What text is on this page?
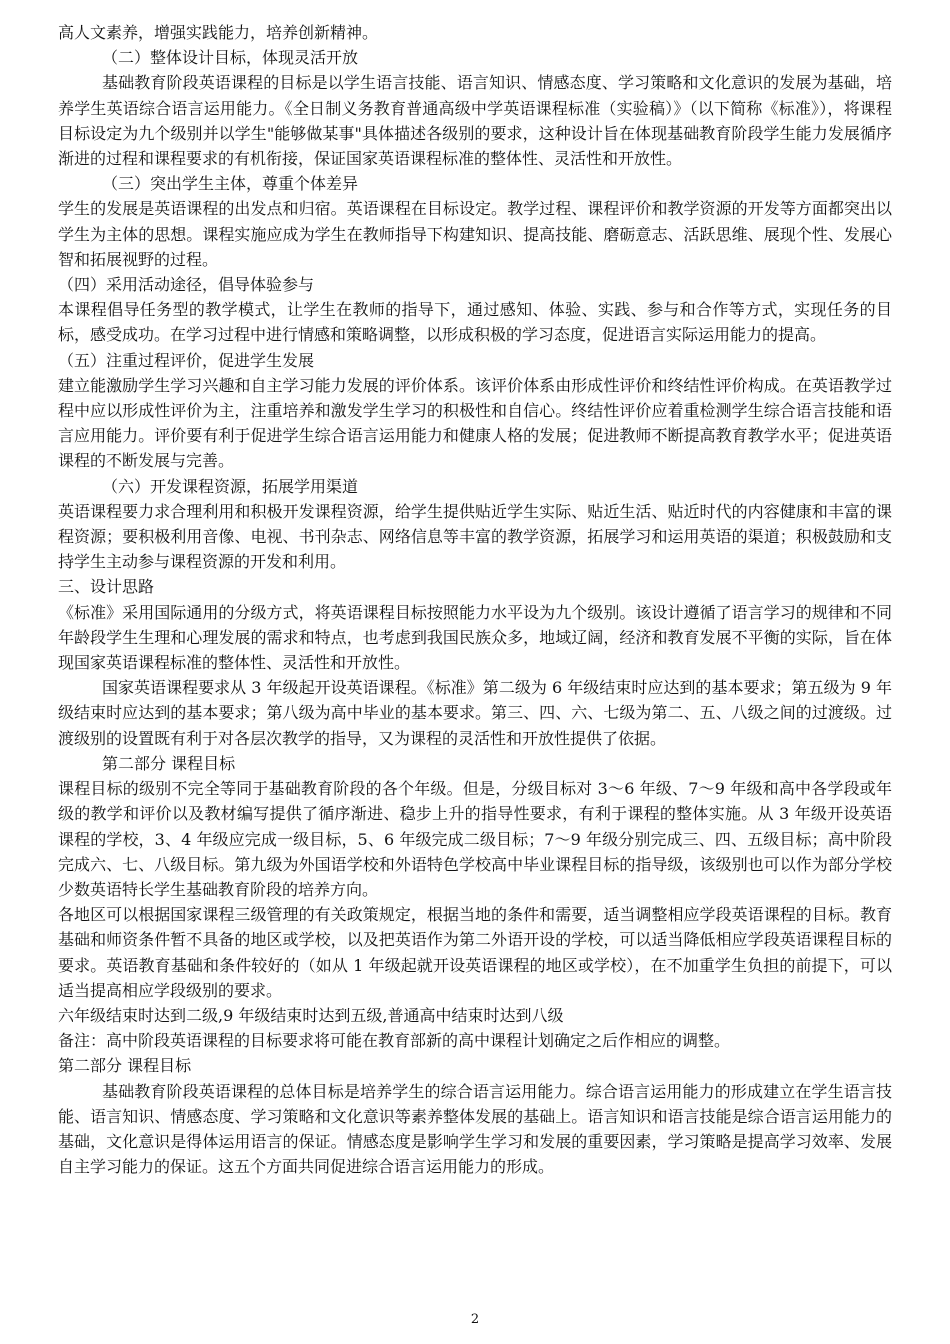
高人文素养，增强实践能力，培养创新精神。

（二）整体设计目标，体现灵活开放

基础教育阶段英语课程的目标是以学生语言技能、语言知识、情感态度、学习策略和文化意识的发展为基础，培养学生英语综合语言运用能力。《全日制义务教育普通高级中学英语课程标准（实验稿）》（以下简称《标准》），将课程目标设定为九个级别并以学生"能够做某事"具体描述各级别的要求，这种设计旨在体现基础教育阶段学生能力发展循序渐进的过程和课程要求的有机衔接，保证国家英语课程标准的整体性、灵活性和开放性。

（三）突出学生主体，尊重个体差异

学生的发展是英语课程的出发点和归宿。英语课程在目标设定。教学过程、课程评价和教学资源的开发等方面都突出以学生为主体的思想。课程实施应成为学生在教师指导下构建知识、提高技能、磨砺意志、活跃思维、展现个性、发展心智和拓展视野的过程。

（四）采用活动途径，倡导体验参与

本课程倡导任务型的教学模式，让学生在教师的指导下，通过感知、体验、实践、参与和合作等方式，实现任务的目标，感受成功。在学习过程中进行情感和策略调整，以形成积极的学习态度，促进语言实际运用能力的提高。

（五）注重过程评价，促进学生发展

建立能激励学生学习兴趣和自主学习能力发展的评价体系。该评价体系由形成性评价和终结性评价构成。在英语教学过程中应以形成性评价为主，注重培养和激发学生学习的积极性和自信心。终结性评价应着重检测学生综合语言技能和语言应用能力。评价要有利于促进学生综合语言运用能力和健康人格的发展；促进教师不断提高教育教学水平；促进英语课程的不断发展与完善。

（六）开发课程资源，拓展学用渠道

英语课程要力求合理利用和积极开发课程资源，给学生提供贴近学生实际、贴近生活、贴近时代的内容健康和丰富的课程资源；要积极利用音像、电视、书刊杂志、网络信息等丰富的教学资源，拓展学习和运用英语的渠道；积极鼓励和支持学生主动参与课程资源的开发和利用。

三、设计思路

《标准》采用国际通用的分级方式，将英语课程目标按照能力水平设为九个级别。该设计遵循了语言学习的规律和不同年龄段学生生理和心理发展的需求和特点，也考虑到我国民族众多，地域辽阔，经济和教育发展不平衡的实际，旨在体现国家英语课程标准的整体性、灵活性和开放性。

国家英语课程要求从 3 年级起开设英语课程。《标准》第二级为 6 年级结束时应达到的基本要求；第五级为 9 年级结束时应达到的基本要求；第八级为高中毕业的基本要求。第三、四、六、七级为第二、五、八级之间的过渡级。过渡级别的设置既有利于对各层次教学的指导，又为课程的灵活性和开放性提供了依据。

第二部分 课程目标

课程目标的级别不完全等同于基础教育阶段的各个年级。但是，分级目标对 3～6 年级、7～9 年级和高中各学段或年级的教学和评价以及教材编写提供了循序渐进、稳步上升的指导性要求，有利于课程的整体实施。从 3 年级开设英语课程的学校，3、4 年级应完成一级目标，5、6 年级完成二级目标；7～9 年级分别完成三、四、五级目标；高中阶段完成六、七、八级目标。第九级为外国语学校和外语特色学校高中毕业课程目标的指导级，该级别也可以作为部分学校少数英语特长学生基础教育阶段的培养方向。

各地区可以根据国家课程三级管理的有关政策规定，根据当地的条件和需要，适当调整相应学段英语课程的目标。教育基础和师资条件暂不具备的地区或学校，以及把英语作为第二外语开设的学校，可以适当降低相应学段英语课程目标的要求。英语教育基础和条件较好的（如从 1 年级起就开设英语课程的地区或学校），在不加重学生负担的前提下，可以适当提高相应学段级别的要求。

六年级结束时达到二级,9 年级结束时达到五级,普通高中结束时达到八级

备注：高中阶段英语课程的目标要求将可能在教育部新的高中课程计划确定之后作相应的调整。

第二部分 课程目标

基础教育阶段英语课程的总体目标是培养学生的综合语言运用能力。综合语言运用能力的形成建立在学生语言技能、语言知识、情感态度、学习策略和文化意识等素养整体发展的基础上。语言知识和语言技能是综合语言运用能力的基础，文化意识是得体运用语言的保证。情感态度是影响学生学习和发展的重要因素，学习策略是提高学习效率、发展自主学习能力的保证。这五个方面共同促进综合语言运用能力的形成。

2
